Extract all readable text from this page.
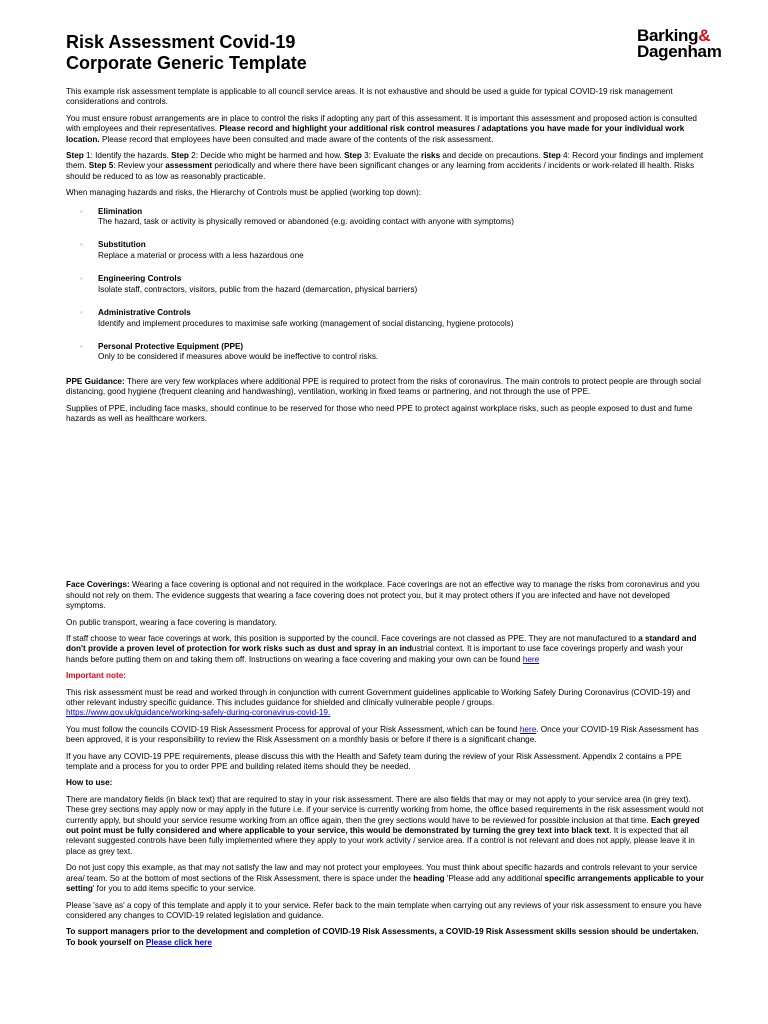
Risk Assessment Covid-19
Corporate Generic Template
Barking&
Dagenham

This example risk assessment template is applicable to all council service areas. It is not exhaustive and should be used a guide for typical COVID-19 risk management considerations and controls.

You must ensure robust arrangements are in place to control the risks if adopting any part of this assessment. It is important this assessment and proposed action is consulted with employees and their representatives. Please record and highlight your additional risk control measures / adaptations you have made for your individual work location. Please record that employees have been consulted and made aware of the contents of the risk assessment.

Step 1: Identify the hazards. Step 2: Decide who might be harmed and how. Step 3: Evaluate the risks and decide on precautions. Step 4: Record your findings and implement them. Step 5: Review your assessment periodically and where there have been significant changes or any learning from accidents / incidents or work-related ill health. Risks should be reduced to as low as reasonably practicable.

When managing hazards and risks, the Hierarchy of Controls must be applied (working top down):

◦ Elimination
The hazard, task or activity is physically removed or abandoned (e.g. avoiding contact with anyone with symptoms)
◦ Substitution
Replace a material or process with a less hazardous one
◦ Engineering Controls
Isolate staff, contractors, visitors, public from the hazard (demarcation, physical barriers)
◦ Administrative Controls
Identify and implement procedures to maximise safe working (management of social distancing, hygiene protocols)
◦ Personal Protective Equipment (PPE)
Only to be considered if measures above would be ineffective to control risks.

PPE Guidance: There are very few workplaces where additional PPE is required to protect from the risks of coronavirus. The main controls to protect people are through social distancing, good hygiene (frequent cleaning and handwashing), ventilation, working in fixed teams or partnering, and not through the use of PPE.

Supplies of PPE, including face masks, should continue to be reserved for those who need PPE to protect against workplace risks, such as people exposed to dust and fume hazards as well as healthcare workers.

Face Coverings: Wearing a face covering is optional and not required in the workplace. Face coverings are not an effective way to manage the risks from coronavirus and you should not rely on them. The evidence suggests that wearing a face covering does not protect you, but it may protect others if you are infected and have not developed symptoms.

On public transport, wearing a face covering is mandatory.

If staff choose to wear face coverings at work, this position is supported by the council. Face coverings are not classed as PPE. They are not manufactured to a standard and don't provide a proven level of protection for work risks such as dust and spray in an industrial context. It is important to use face coverings properly and wash your hands before putting them on and taking them off. Instructions on wearing a face covering and making your own can be found here

Important note:

This risk assessment must be read and worked through in conjunction with current Government guidelines applicable to Working Safely During Coronavirus (COVID-19) and other relevant industry specific guidance. This includes guidance for shielded and clinically vulnerable people / groups.
https://www.gov.uk/guidance/working-safely-during-coronavirus-covid-19.

You must follow the councils COVID-19 Risk Assessment Process for approval of your Risk Assessment, which can be found here. Once your COVID-19 Risk Assessment has been approved, it is your responsibility to review the Risk Assessment on a monthly basis or before if there is a significant change.

If you have any COVID-19 PPE requirements, please discuss this with the Health and Safety team during the review of your Risk Assessment. Appendix 2 contains a PPE template and a process for you to order PPE and building related items should they be needed.

How to use:

There are mandatory fields (in black text) that are required to stay in your risk assessment. There are also fields that may or may not apply to your service area (in grey text). These grey sections may apply now or may apply in the future i.e. if your service is currently working from home, the office based requirements in the risk assessment would not currently apply, but should your service resume working from an office again, then the grey sections would have to be reviewed for possible inclusion at that time. Each greyed out point must be fully considered and where applicable to your service, this would be demonstrated by turning the grey text into black text. It is expected that all relevant suggested controls have been fully implemented where they apply to your work activity / service area. If a control is not relevant and does not apply, please leave it in place as grey text.

Do not just copy this example, as that may not satisfy the law and may not protect your employees. You must think about specific hazards and controls relevant to your service area/ team. So at the bottom of most sections of the Risk Assessment, there is space under the heading 'Please add any additional specific arrangements applicable to your setting' for you to add items specific to your service.

Please 'save as' a copy of this template and apply it to your service. Refer back to the main template when carrying out any reviews of your risk assessment to ensure you have considered any changes to COVID-19 related legislation and guidance.

To support managers prior to the development and completion of COVID-19 Risk Assessments, a COVID-19 Risk Assessment skills session should be undertaken. To book yourself on Please click here
